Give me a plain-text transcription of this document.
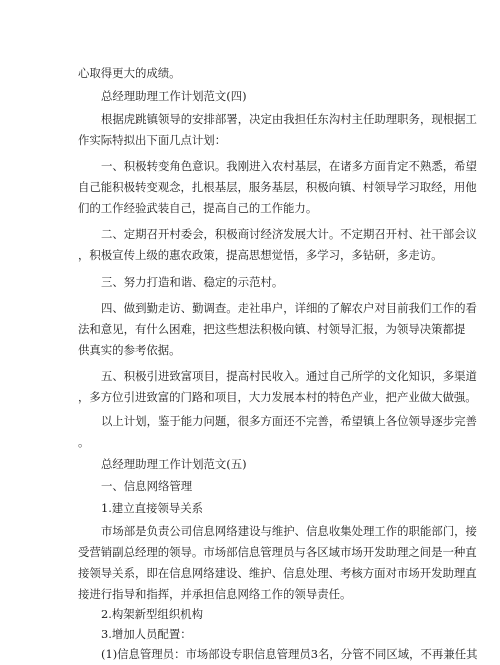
心取得更大的成绩。

总经理助理工作计划范文(四)

根据虎跳镇领导的安排部署，决定由我担任东沟村主任助理职务，现根据工

作实际特拟出下面几点计划：

一、积极转变角色意识。我刚进入农村基层，在诸多方面肯定不熟悉，希望

自己能积极转变观念，扎根基层，服务基层，积极向镇、村领导学习取经，用他

们的工作经验武装自己，提高自己的工作能力。

二、定期召开村委会，积极商讨经济发展大计。不定期召开村、社干部会议

，积极宣传上级的惠农政策，提高思想觉悟，多学习，多钻研，多走访。

三、努力打造和谐、稳定的示范村。

四、做到勤走访、勤调查。走社串户，详细的了解农户对目前我们工作的看

法和意见，有什么困难，把这些想法积极向镇、村领导汇报，为领导决策都提

供真实的参考依据。

五、积极引进致富项目，提高村民收入。通过自己所学的文化知识，多渠道

，多方位引进致富的门路和项目，大力发展本村的特色产业，把产业做大做强。

以上计划，鉴于能力问题，很多方面还不完善，希望镇上各位领导逐步完善

。

总经理助理工作计划范文(五)

一、信息网络管理

1.建立直接领导关系

市场部是负责公司信息网络建设与维护、信息收集处理工作的职能部门，接

受营销副总经理的领导。市场部信息管理员与各区域市场开发助理之间是一种直

接领导关系，即在信息网络建设、维护、信息处理、考核方面对市场开发助理直

接进行指导和指挥，并承担信息网络工作的领导责任。

2.构架新型组织机构

3.增加人员配置：

(1)信息管理员：市场部设专职信息管理员3名，分管不同区域，不再兼任其
